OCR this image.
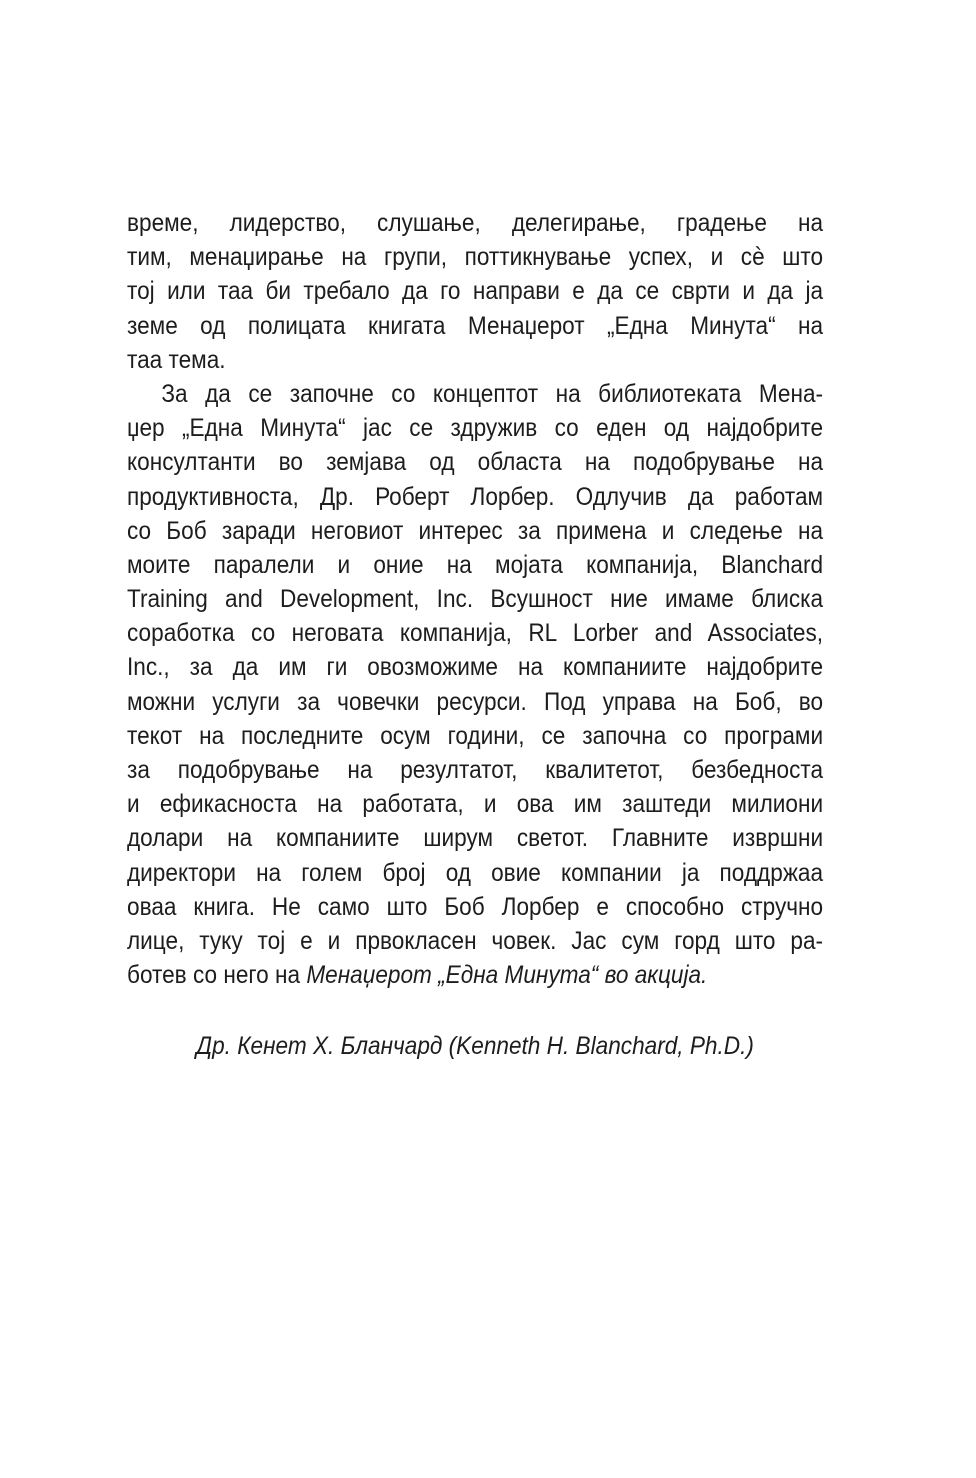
време, лидерство, слушање, делегирање, градење на
тим, менаџирање на групи, поттикнување успех, и сè што
тој или таа би требало да го направи е да се сврти и да ја
земе од полицата книгата Менаџерот „Една Минута“ на
таа тема.
За да се започне со концептот на библиотеката Мена-
џер „Една Минута“ јас се здружив со еден од најдобрите
консултанти во земјава од областа на подобрување на
продуктивноста, Др. Роберт Лорбер. Одлучив да работам
со Боб заради неговиот интерес за примена и следење на
моите паралели и оние на мојата компанија, Blanchard
Training and Development, Inc. Всушност ние имаме блиска
соработка со неговата компанија, RL Lorber and Associates,
Inc., за да им ги овозможиме на компаниите најдобрите
можни услуги за човечки ресурси. Под управа на Боб, во
текот на последните осум години, се започна со програми
за подобрување на резултатот, квалитетот, безбедноста
и ефикасноста на работата, и ова им заштеди милиони
долари на компаниите ширум светот. Главните извршни
директори на голем број од овие компании ја поддржаа
оваа книга. Не само што Боб Лорбер е способно стручно
лице, туку тој е и првокласен човек. Јас сум горд што ра-
ботев со него на Менаџерот „Една Минута“ во акција.
Др. Кенет Х. Бланчард (Kenneth H. Blanchard, Ph.D.)
